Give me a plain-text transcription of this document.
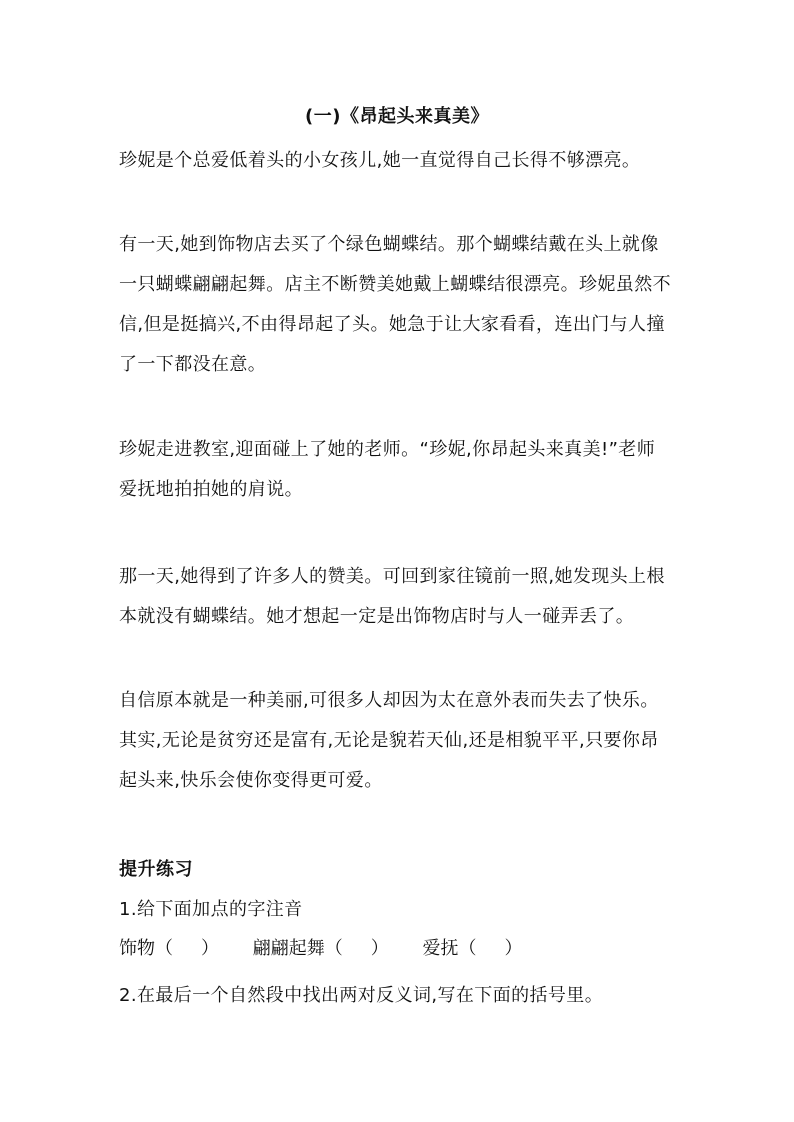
(一)《昂起头来真美》
珍妮是个总爱低着头的小女孩儿,她一直觉得自己长得不够漂亮。
有一天,她到饰物店去买了个绿色蝴蝶结。那个蝴蝶结戴在头上就像
一只蝴蝶翩翩起舞。店主不断赞美她戴上蝴蝶结很漂亮。珍妮虽然不
信,但是挺搞兴,不由得昂起了头。她急于让大家看看，连出门与人撞
了一下都没在意。
珍妮走进教室,迎面碰上了她的老师。“珍妮,你昂起头来真美!”老师
爱抚地拍拍她的肩说。
那一天,她得到了许多人的赞美。可回到家往镜前一照,她发现头上根
本就没有蝴蝶结。她才想起一定是出饰物店时与人一碰弄丢了。
自信原本就是一种美丽,可很多人却因为太在意外表而失去了快乐。
其实,无论是贫穷还是富有,无论是貌若天仙,还是相貌平平,只要你昂
起头来,快乐会使你变得更可爱。
提升练习
1.给下面加点的字注音
饰物（ ） 翩翩起舞（ ） 爱抚（ ）
2.在最后一个自然段中找出两对反义词,写在下面的括号里。
